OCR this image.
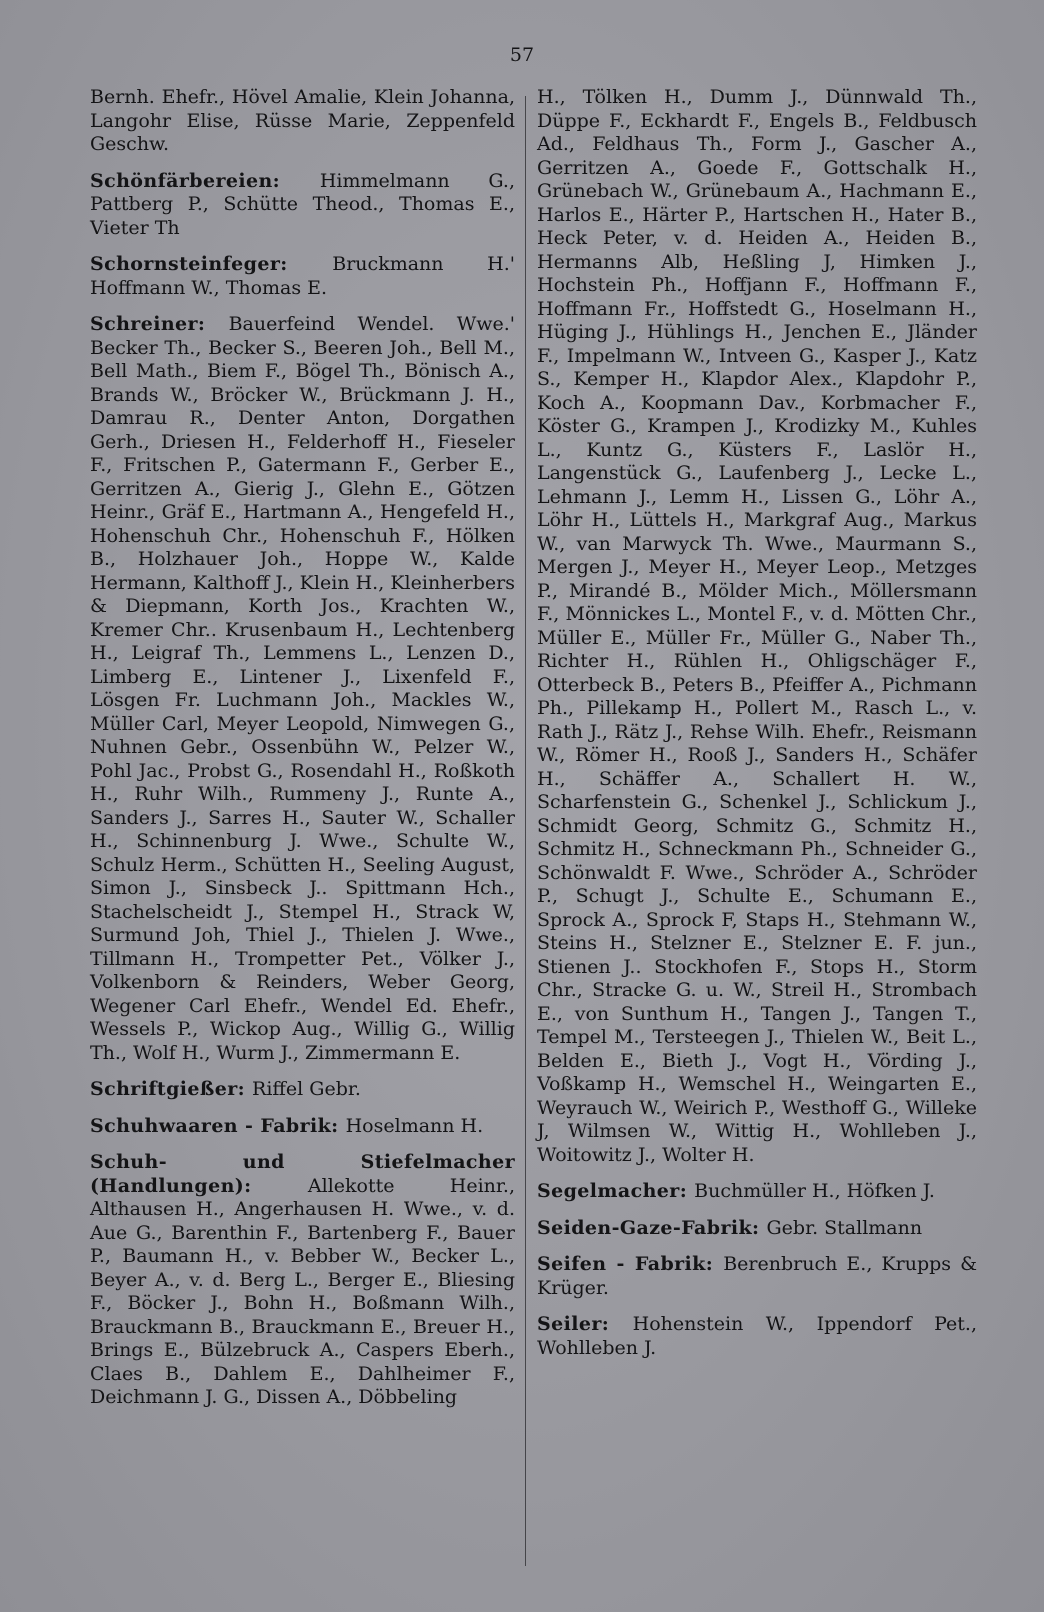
57

Bernh. Ehefr., Hövel Amalie, Klein Johanna, Langohr Elise, Rüsse Marie, Zeppenfeld Geschw.

Schönfärbereien: Himmelmann G., Pattberg P., Schütte Theod., Thomas E., Vieter Th

Schornsteinfeger: Bruckmann H.' Hoffmann W., Thomas E.

Schreiner: Bauerfeind Wendel. Wwe.' Becker Th., Becker S., Beeren Joh., Bell M., Bell Math., Biem F., Bögel Th., Bönisch A., Brands W., Bröcker W., Brückmann J. H., Damrau R., Denter Anton, Dorgathen Gerh., Driesen H., Felderhoff H., Fieseler F., Fritschen P., Gatermann F., Gerber E., Gerritzen A., Gierig J., Glehn E., Götzen Heinr., Gräf E., Hartmann A., Hengefeld H., Hohenschuh Chr., Hohenschuh F., Hölken B., Holzhauer Joh., Hoppe W., Kalde Hermann, Kalthoff J., Klein H., Kleinherbers & Diepmann, Korth Jos., Krachten W., Kremer Chr.. Krusenbaum H., Lechtenberg H., Leigraf Th., Lemmens L., Lenzen D., Limberg E., Lintener J., Lixenfeld F., Lösgen Fr. Luchmann Joh., Mackles W., Müller Carl, Meyer Leopold, Nimwegen G., Nuhnen Gebr., Ossenbühn W., Pelzer W., Pohl Jac., Probst G., Rosendahl H., Roßkoth H., Ruhr Wilh., Rummeny J., Runte A., Sanders J., Sarres H., Sauter W., Schaller H., Schinnenburg J. Wwe., Schulte W., Schulz Herm., Schütten H., Seeling August, Simon J., Sinsbeck J.. Spittmann Hch., Stachelscheidt J., Stempel H., Strack W, Surmund Joh, Thiel J., Thielen J. Wwe., Tillmann H., Trompetter Pet., Völker J., Volkenborn & Reinders, Weber Georg, Wegener Carl Ehefr., Wendel Ed. Ehefr., Wessels P., Wickop Aug., Willig G., Willig Th., Wolf H., Wurm J., Zimmermann E.

Schriftgießer: Riffel Gebr.

Schuhwaaren - Fabrik: Hoselmann H.

Schuh- und Stiefelmacher (Handlungen):	Allekotte Heinr., Althausen H., Angerhausen H. Wwe., v. d. Aue G., Barenthin F., Bartenberg F., Bauer P., Baumann H., v. Bebber W., Becker L., Beyer A., v. d. Berg L., Berger E., Bliesing F., Böcker J., Bohn H., Boßmann Wilh., Brauckmann B., Brauckmann E., Breuer H., Brings E., Bülzebruck A., Caspers Eberh., Claes B., Dahlem E., Dahlheimer F., Deichmann J. G., Dissen A., Döbbeling

H., Tölken H., Dumm J., Dünnwald Th., Düppe F., Eckhardt F., Engels B., Feldbusch Ad., Feldhaus Th., Form J., Gascher A., Gerritzen A., Goede F., Gottschalk H., Grünebach W., Grünebaum A., Hachmann E., Harlos E., Härter P., Hartschen H., Hater B., Heck Peter, v. d. Heiden A., Heiden B., Hermanns Alb, Heßling J, Himken J., Hochstein Ph., Hoffjann F., Hoffmann F., Hoffmann Fr., Hoffstedt G., Hoselmann H., Hüging J., Hühlings H., Jenchen E., Jländer F., Impelmann W., Intveen G., Kasper J., Katz S., Kemper H., Klapdor Alex., Klapdohr P., Koch A., Koopmann Dav., Korbmacher F., Köster G., Krampen J., Krodizky M., Kuhles L., Kuntz G., Küsters F., Laslör H., Langenstück G., Laufenberg J., Lecke L., Lehmann J., Lemm H., Lissen G., Löhr A., Löhr H., Lüttels H., Markgraf Aug., Markus W., van Marwyck Th. Wwe., Maurmann S., Mergen J., Meyer H., Meyer Leop., Metzges P., Mirandé B., Mölder Mich., Möllersmann F., Mönnickes L., Montel F., v. d. Mötten Chr., Müller E., Müller Fr., Müller G., Naber Th., Richter H., Rühlen H., Ohligschäger F., Otterbeck B., Peters B., Pfeiffer A., Pichmann Ph., Pillekamp H., Pollert M., Rasch L., v. Rath J., Rätz J., Rehse Wilh. Ehefr., Reismann W., Römer H., Rooß J., Sanders H., Schäfer H., Schäffer A., Schallert H. W., Scharfenstein G., Schenkel J., Schlickum J., Schmidt Georg, Schmitz G., Schmitz H., Schmitz H., Schneckmann Ph., Schneider G., Schönwaldt F. Wwe., Schröder A., Schröder P., Schugt J., Schulte E., Schumann E., Sprock A., Sprock F, Staps H., Stehmann W., Steins H., Stelzner E., Stelzner E. F. jun., Stienen J.. Stockhofen F., Stops H., Storm Chr., Stracke G. u. W., Streil H., Strombach E., von Sunthum H., Tangen J., Tangen T., Tempel M., Tersteegen J., Thielen W., Beit L., Belden E., Bieth J., Vogt H., Vörding J., Voßkamp H., Wemschel H., Weingarten E., Weyrauch W., Weirich P., Westhoff G., Willeke J, Wilmsen W., Wittig H., Wohlleben J., Woitowitz J., Wolter H.

Segelmacher: Buchmüller H., Höfken J.

Seiden-Gaze-Fabrik: Gebr. Stallmann

Seifen - Fabrik: Berenbruch E., Krupps & Krüger.

Seiler: Hohenstein W., Ippendorf Pet., Wohlleben J.
